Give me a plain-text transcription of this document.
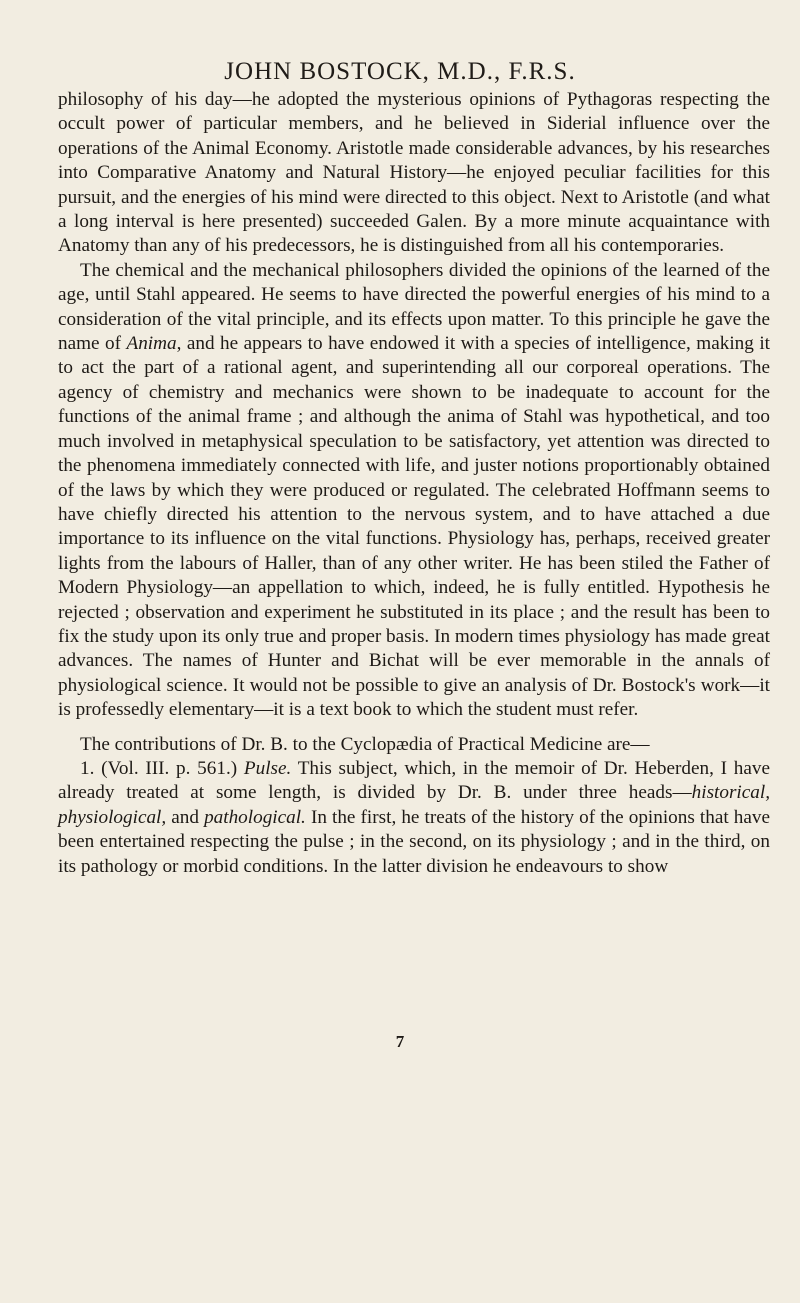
JOHN BOSTOCK, M.D., F.R.S.

philosophy of his day—he adopted the mysterious opinions of Pythagoras respecting the occult power of particular members, and he believed in Siderial influence over the operations of the Animal Economy. Aristotle made considerable advances, by his researches into Comparative Anatomy and Natural History—he enjoyed peculiar facilities for this pursuit, and the energies of his mind were directed to this object. Next to Aristotle (and what a long interval is here presented) succeeded Galen. By a more minute acquaintance with Anatomy than any of his predecessors, he is distinguished from all his contemporaries.

The chemical and the mechanical philosophers divided the opinions of the learned of the age, until Stahl appeared. He seems to have directed the powerful energies of his mind to a consideration of the vital principle, and its effects upon matter. To this principle he gave the name of Anima, and he appears to have endowed it with a species of intelligence, making it to act the part of a rational agent, and superintending all our corporeal operations. The agency of chemistry and mechanics were shown to be inadequate to account for the functions of the animal frame ; and although the anima of Stahl was hypothetical, and too much involved in metaphysical speculation to be satisfactory, yet attention was directed to the phenomena immediately connected with life, and juster notions proportionably obtained of the laws by which they were produced or regulated. The celebrated Hoffmann seems to have chiefly directed his attention to the nervous system, and to have attached a due importance to its influence on the vital functions. Physiology has, perhaps, received greater lights from the labours of Haller, than of any other writer. He has been stiled the Father of Modern Physiology—an appellation to which, indeed, he is fully entitled. Hypothesis he rejected ; observation and experiment he substituted in its place ; and the result has been to fix the study upon its only true and proper basis. In modern times physiology has made great advances. The names of Hunter and Bichat will be ever memorable in the annals of physiological science. It would not be possible to give an analysis of Dr. Bostock's work—it is professedly elementary—it is a text book to which the student must refer.

The contributions of Dr. B. to the Cyclopædia of Practical Medicine are—

1. (Vol. III. p. 561.) Pulse. This subject, which, in the memoir of Dr. Heberden, I have already treated at some length, is divided by Dr. B. under three heads—historical, physiological, and pathological. In the first, he treats of the history of the opinions that have been entertained respecting the pulse ; in the second, on its physiology ; and in the third, on its pathology or morbid conditions. In the latter division he endeavours to show

7
